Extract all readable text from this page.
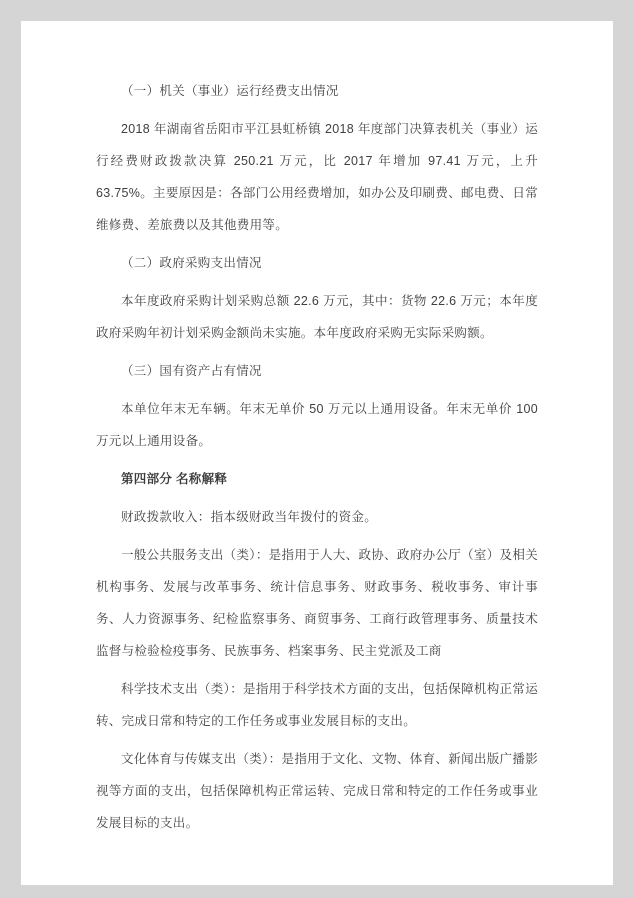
（一）机关（事业）运行经费支出情况

2018 年湖南省岳阳市平江县虹桥镇 2018 年度部门决算表机关（事业）运行经费财政拨款决算 250.21 万元，比 2017 年增加 97.41 万元，上升 63.75%。主要原因是：各部门公用经费增加，如办公及印刷费、邮电费、日常维修费、差旅费以及其他费用等。

（二）政府采购支出情况

本年度政府采购计划采购总额 22.6 万元，其中：货物 22.6 万元；本年度政府采购年初计划采购金额尚未实施。本年度政府采购无实际采购额。

（三）国有资产占有情况

本单位年末无车辆。年末无单价 50 万元以上通用设备。年末无单价 100 万元以上通用设备。

第四部分 名称解释

财政拨款收入：指本级财政当年拨付的资金。

一般公共服务支出（类）：是指用于人大、政协、政府办公厅（室）及相关机构事务、发展与改革事务、统计信息事务、财政事务、税收事务、审计事务、人力资源事务、纪检监察事务、商贸事务、工商行政管理事务、质量技术监督与检验检疫事务、民族事务、档案事务、民主党派及工商

科学技术支出（类）：是指用于科学技术方面的支出，包括保障机构正常运转、完成日常和特定的工作任务或事业发展目标的支出。

文化体育与传媒支出（类）：是指用于文化、文物、体育、新闻出版广播影视等方面的支出，包括保障机构正常运转、完成日常和特定的工作任务或事业发展目标的支出。
